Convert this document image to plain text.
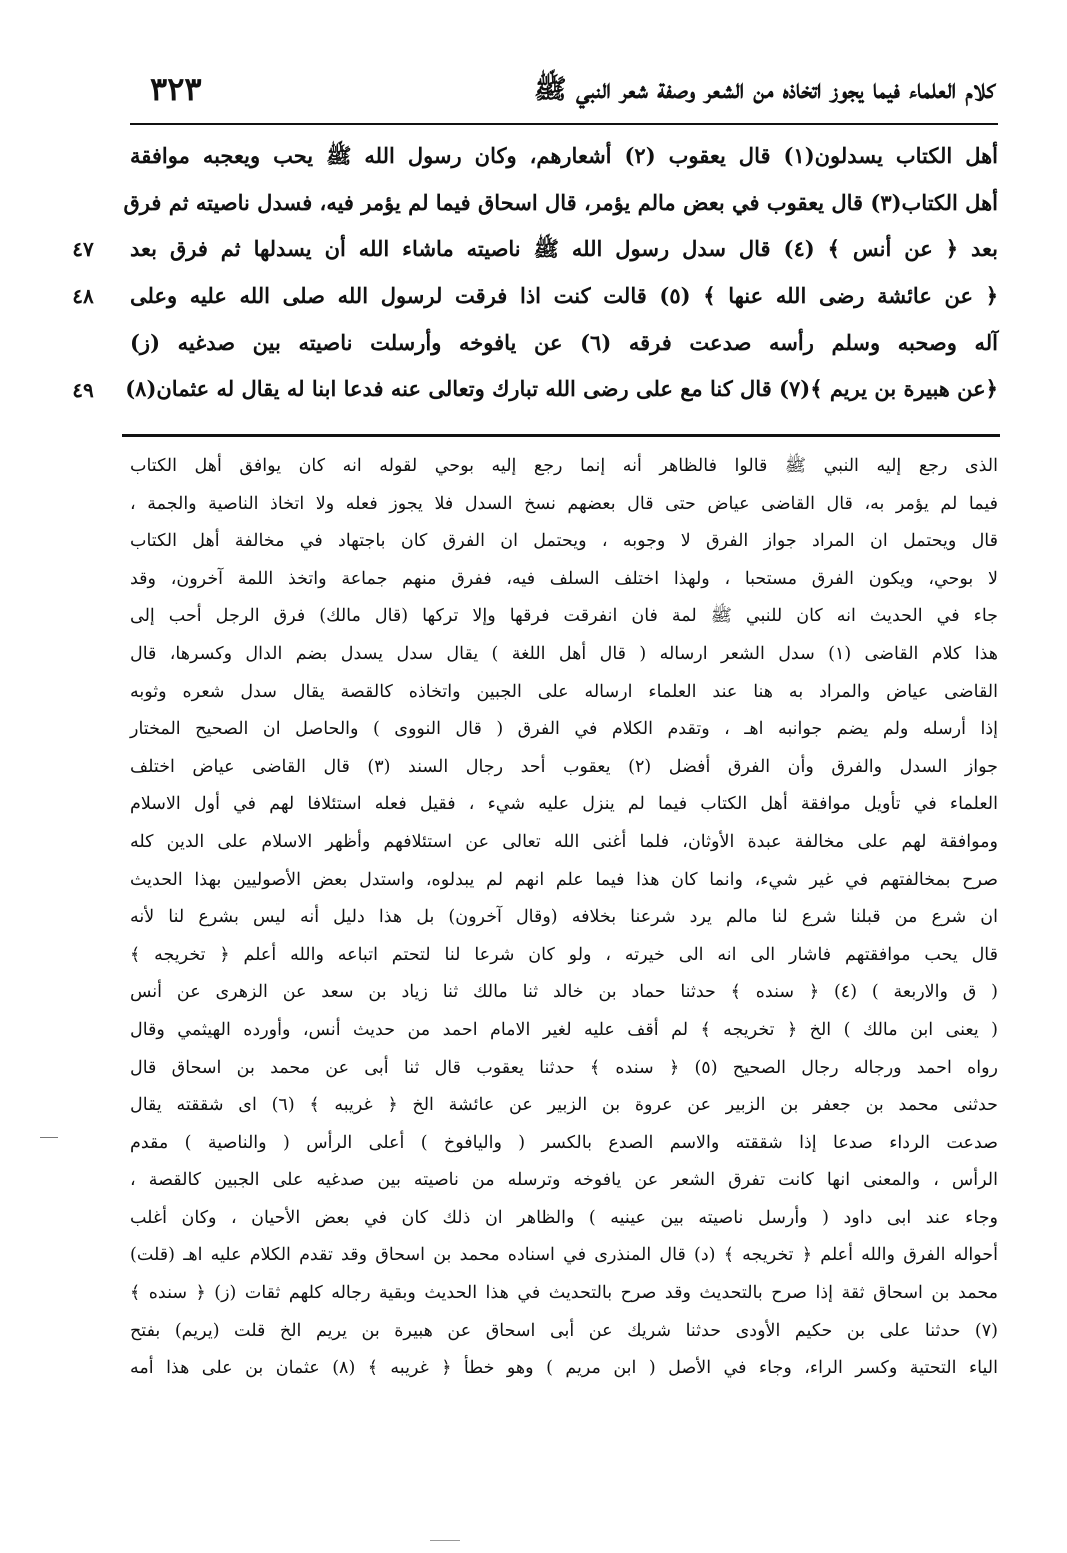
كلام العلماء فيما يجوز اتخاذه من الشعر وصفة شعر النبي ﷺ
٣٢٣
أهل الكتاب يسدلون(١) قال يعقوب (٢) أشعارهم، وكان رسول الله ﷺ يحب ويعجبه موافقة
أهل الكتاب(٣) قال يعقوب في بعض مالم يؤمر، قال اسحاق فيما لم يؤمر فيه، فسدل ناصيته ثم فرق
بعد ﴿ عن أنس ﴾ (٤) قال سدل رسول الله ﷺ ناصيته ماشاء الله أن يسدلها ثم فرق بعد
﴿ عن عائشة رضى الله عنها ﴾ (٥) قالت كنت اذا فرقت لرسول الله صلى الله عليه وعلى
آله وصحبه وسلم رأسه صدعت فرقه (٦) عن يافوخه وأرسلت ناصيته بين صدغيه (ز)
﴿عن هبيرة بن يريم ﴾(٧) قال كنا مع على رضى الله تبارك وتعالى عنه فدعا ابنا له يقال له عثمان(٨)
٤٧
٤٨
٤٩
الذى رجع إليه النبي ﷺ قالوا فالظاهر أنه إنما رجع إليه بوحي لقوله انه كان يوافق أهل الكتاب
فيما لم يؤمر به، قال القاضى عياض حتى قال بعضهم نسخ السدل فلا يجوز فعله ولا اتخاذ الناصية والجمة ،
قال ويحتمل ان المراد جواز الفرق لا وجوبه ، ويحتمل ان الفرق كان باجتهاد في مخالفة أهل الكتاب
لا بوحي، ويكون الفرق مستحبا ، ولهذا اختلف السلف فيه، ففرق منهم جماعة واتخذ اللمة آخرون، وقد
جاء في الحديث انه كان للنبي ﷺ لمة فان انفرقت فرقها وإلا تركها (قال مالك) فرق الرجل أحب إلى
هذا كلام القاضى (١) سدل الشعر ارساله ( قال أهل اللغة ) يقال سدل يسدل بضم الدال وكسرها، قال
القاضى عياض والمراد به هنا عند العلماء ارساله على الجبين واتخاذه كالقصة يقال سدل شعره وثوبه
إذا أرسله ولم يضم جوانبه اهـ ، وتقدم الكلام في الفرق ( قال النووى ) والحاصل ان الصحيح المختار
جواز السدل والفرق وأن الفرق أفضل (٢) يعقوب أحد رجال السند (٣) قال القاضى عياض اختلف
العلماء في تأويل موافقة أهل الكتاب فيما لم ينزل عليه شيء ، فقيل فعله استئلافا لهم في أول الاسلام
وموافقة لهم على مخالفة عبدة الأوثان، فلما أغنى الله تعالى عن استئلافهم وأظهر الاسلام على الدين كله
صرح بمخالفتهم في غير شيء، وانما كان هذا فيما علم انهم لم يبدلوه، واستدل بعض الأصوليين بهذا الحديث
ان شرع من قبلنا شرع لنا مالم يرد شرعنا بخلافه (وقال آخرون) بل هذا دليل أنه ليس بشرع لنا لأنه
قال يحب موافقتهم فاشار الى انه الى خيرته ، ولو كان شرعا لنا لتحتم اتباعه والله أعلم ﴿ تخريجه ﴾
( ق والاربعة ) (٤) ﴿ سنده ﴾ حدثنا حماد بن خالد ثنا مالك ثنا زياد بن سعد عن الزهرى عن أنس
( يعنى ابن مالك ) الخ ﴿ تخريجه ﴾ لم أقف عليه لغير الامام احمد من حديث أنس، وأورده الهيثمي وقال
رواه احمد ورجاله رجال الصحيح (٥) ﴿ سنده ﴾ حدثنا يعقوب قال ثنا أبى عن محمد بن اسحاق قال
حدثنى محمد بن جعفر بن الزبير عن عروة بن الزبير عن عائشة الخ ﴿ غريبه ﴾ (٦) اى شققته يقال
صدعت الرداء صدعا إذا شققته والاسم الصدع بالكسر ( واليافوخ ) أعلى الرأس ( والناصية ) مقدم
الرأس ، والمعنى انها كانت تفرق الشعر عن يافوخه وترسله من ناصيته بين صدغيه على الجبين كالقصة ،
وجاء عند ابى داود ( وأرسل ناصيته بين عينيه ) والظاهر ان ذلك كان في بعض الأحيان ، وكان أغلب
أحواله الفرق والله أعلم ﴿ تخريجه ﴾ (د) قال المنذرى في اسناده محمد بن اسحاق وقد تقدم الكلام عليه اهـ (قلت)
محمد بن اسحاق ثقة إذا صرح بالتحديث وقد صرح بالتحديث في هذا الحديث وبقية رجاله كلهم ثقات (ز) ﴿ سنده ﴾
(٧) حدثنا على بن حكيم الأودى حدثنا شريك عن أبى اسحاق عن هبيرة بن يريم الخ قلت (يريم) بفتح
الياء التحتية وكسر الراء، وجاء في الأصل ( ابن مريم ) وهو خطأ ﴿ غريبه ﴾ (٨) عثمان بن على هذا أمه
